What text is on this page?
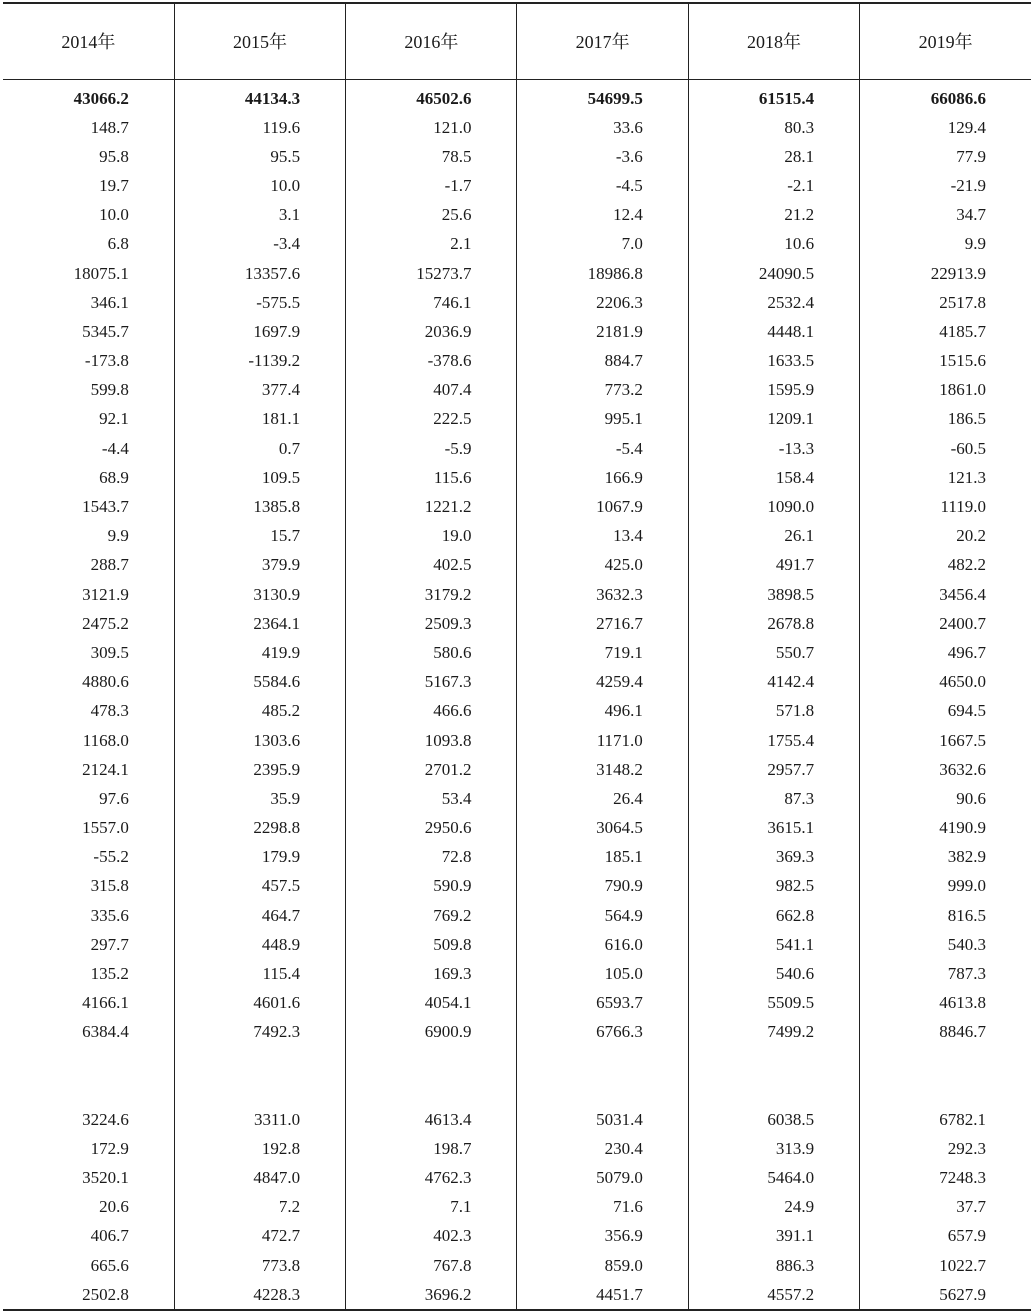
2014年	2015年	2016年	2017年	2018年	2019年
43066.2	44134.3	46502.6	54699.5	61515.4	66086.6
148.7	119.6	121.0	33.6	80.3	129.4
95.8	95.5	78.5	-3.6	28.1	77.9
19.7	10.0	-1.7	-4.5	-2.1	-21.9
10.0	3.1	25.6	12.4	21.2	34.7
6.8	-3.4	2.1	7.0	10.6	9.9
18075.1	13357.6	15273.7	18986.8	24090.5	22913.9
346.1	-575.5	746.1	2206.3	2532.4	2517.8
5345.7	1697.9	2036.9	2181.9	4448.1	4185.7
-173.8	-1139.2	-378.6	884.7	1633.5	1515.6
599.8	377.4	407.4	773.2	1595.9	1861.0
92.1	181.1	222.5	995.1	1209.1	186.5
-4.4	0.7	-5.9	-5.4	-13.3	-60.5
68.9	109.5	115.6	166.9	158.4	121.3
1543.7	1385.8	1221.2	1067.9	1090.0	1119.0
9.9	15.7	19.0	13.4	26.1	20.2
288.7	379.9	402.5	425.0	491.7	482.2
3121.9	3130.9	3179.2	3632.3	3898.5	3456.4
2475.2	2364.1	2509.3	2716.7	2678.8	2400.7
309.5	419.9	580.6	719.1	550.7	496.7
4880.6	5584.6	5167.3	4259.4	4142.4	4650.0
478.3	485.2	466.6	496.1	571.8	694.5
1168.0	1303.6	1093.8	1171.0	1755.4	1667.5
2124.1	2395.9	2701.2	3148.2	2957.7	3632.6
97.6	35.9	53.4	26.4	87.3	90.6
1557.0	2298.8	2950.6	3064.5	3615.1	4190.9
-55.2	179.9	72.8	185.1	369.3	382.9
315.8	457.5	590.9	790.9	982.5	999.0
335.6	464.7	769.2	564.9	662.8	816.5
297.7	448.9	509.8	616.0	541.1	540.3
135.2	115.4	169.3	105.0	540.6	787.3
4166.1	4601.6	4054.1	6593.7	5509.5	4613.8
6384.4	7492.3	6900.9	6766.3	7499.2	8846.7

3224.6	3311.0	4613.4	5031.4	6038.5	6782.1
172.9	192.8	198.7	230.4	313.9	292.3
3520.1	4847.0	4762.3	5079.0	5464.0	7248.3
20.6	7.2	7.1	71.6	24.9	37.7
406.7	472.7	402.3	356.9	391.1	657.9
665.6	773.8	767.8	859.0	886.3	1022.7
2502.8	4228.3	3696.2	4451.7	4557.2	5627.9
